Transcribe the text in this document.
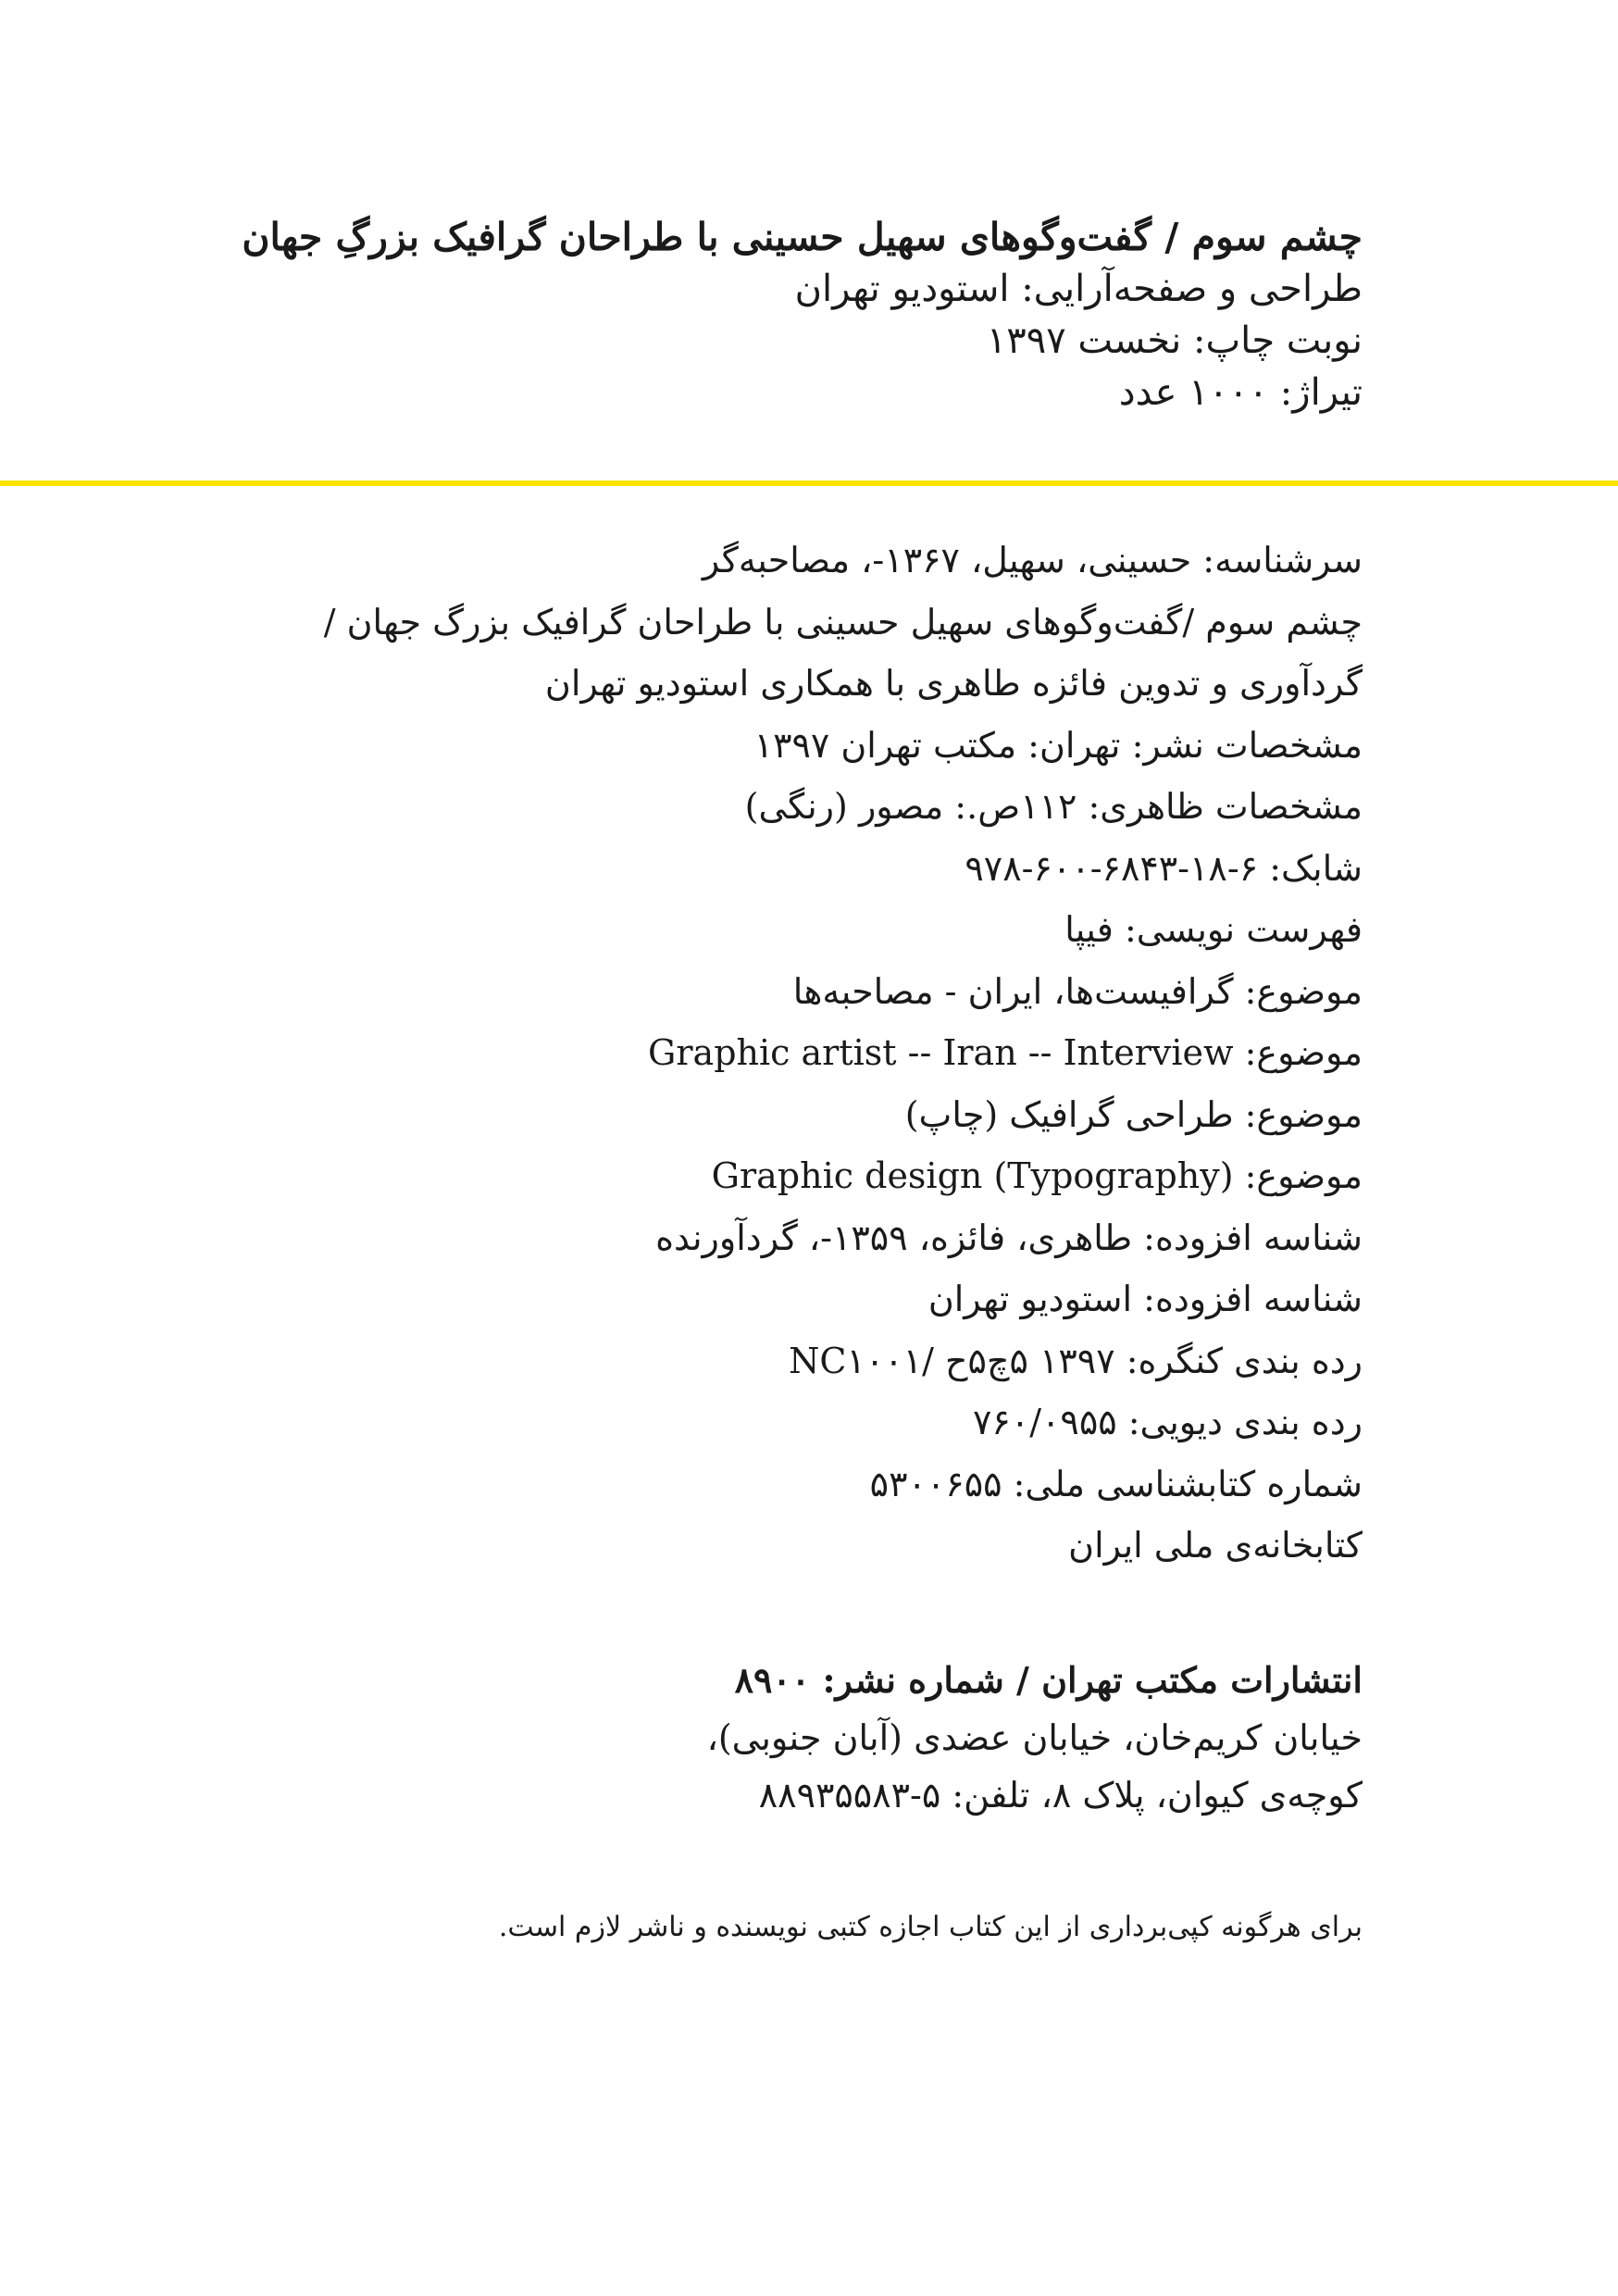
چشم سوم / گفت‌وگوهای سهیل حسینی با طراحان گرافیک بزرگِ جهان
طراحی و صفحه‌آرایی: استودیو تهران
نوبت چاپ: نخست ۱۳۹۷
تیراژ: ۱۰۰۰ عدد
سرشناسه: حسینی، سهیل، ۱۳۶۷-، مصاحبه‌گر
چشم سوم /گفت‌وگوهای سهیل حسینی با طراحان گرافیک بزرگ جهان /
گردآوری و تدوین فائزه طاهری با همکاری استودیو تهران
مشخصات نشر: تهران: مکتب تهران ۱۳۹۷
مشخصات ظاهری: ۱۱۲ص.: مصور (رنگی)
شابک: ۶-۱۸-۶۸۴۳-۶۰۰-۹۷۸
فهرست نویسی: فیپا
موضوع: گرافیست‌ها، ایران - مصاحبه‌ها
موضوع: Graphic artist -- Iran -- Interview
موضوع: طراحی گرافیک (چاپ)
موضوع: Graphic design (Typography)
شناسه افزوده: طاهری، فائزه، ۱۳۵۹-، گردآورنده
شناسه افزوده: استودیو تهران
رده بندی کنگره: ۱۳۹۷ ۵چ۵ح /NC۱۰۰۱
رده بندی دیویی: ۷۶۰/۰۹۵۵
شماره کتابشناسی ملی: ۵۳۰۰۶۵۵
کتابخانه‌ی ملی ایران
انتشارات مکتب تهران / شماره نشر: ۸۹۰۰
خیابان کریم‌خان، خیابان عضدی (آبان جنوبی)،
کوچه‌ی کیوان، پلاک ۸، تلفن: ۵-۸۸۹۳۵۵۸۳
برای هرگونه کپی‌برداری از این کتاب اجازه کتبی نویسنده و ناشر لازم است.
